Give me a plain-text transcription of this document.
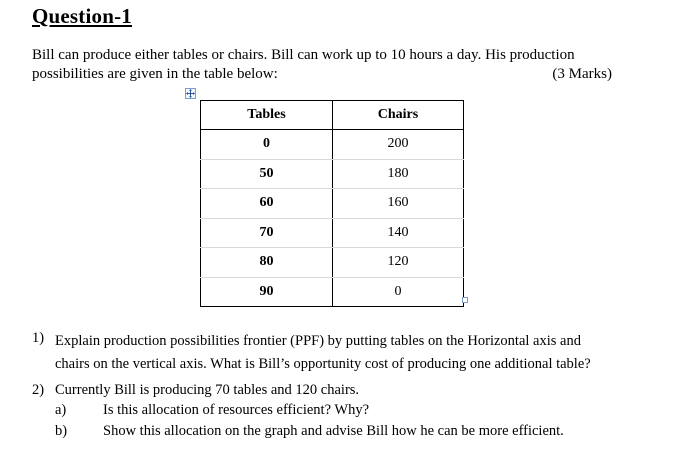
Question-1
Bill can produce either tables or chairs. Bill can work up to 10 hours a day. His production
possibilities are given in the table below:	(3 Marks)
Tables	Chairs
0	200
50	180
60	160
70	140
80	120
90	0
1) Explain production possibilities frontier (PPF) by putting tables on the Horizontal axis and
chairs on the vertical axis. What is Bill’s opportunity cost of producing one additional table?
2) Currently Bill is producing 70 tables and 120 chairs.
a)	Is this allocation of resources efficient? Why?
b) Show this allocation on the graph and advise Bill how he can be more efficient.
